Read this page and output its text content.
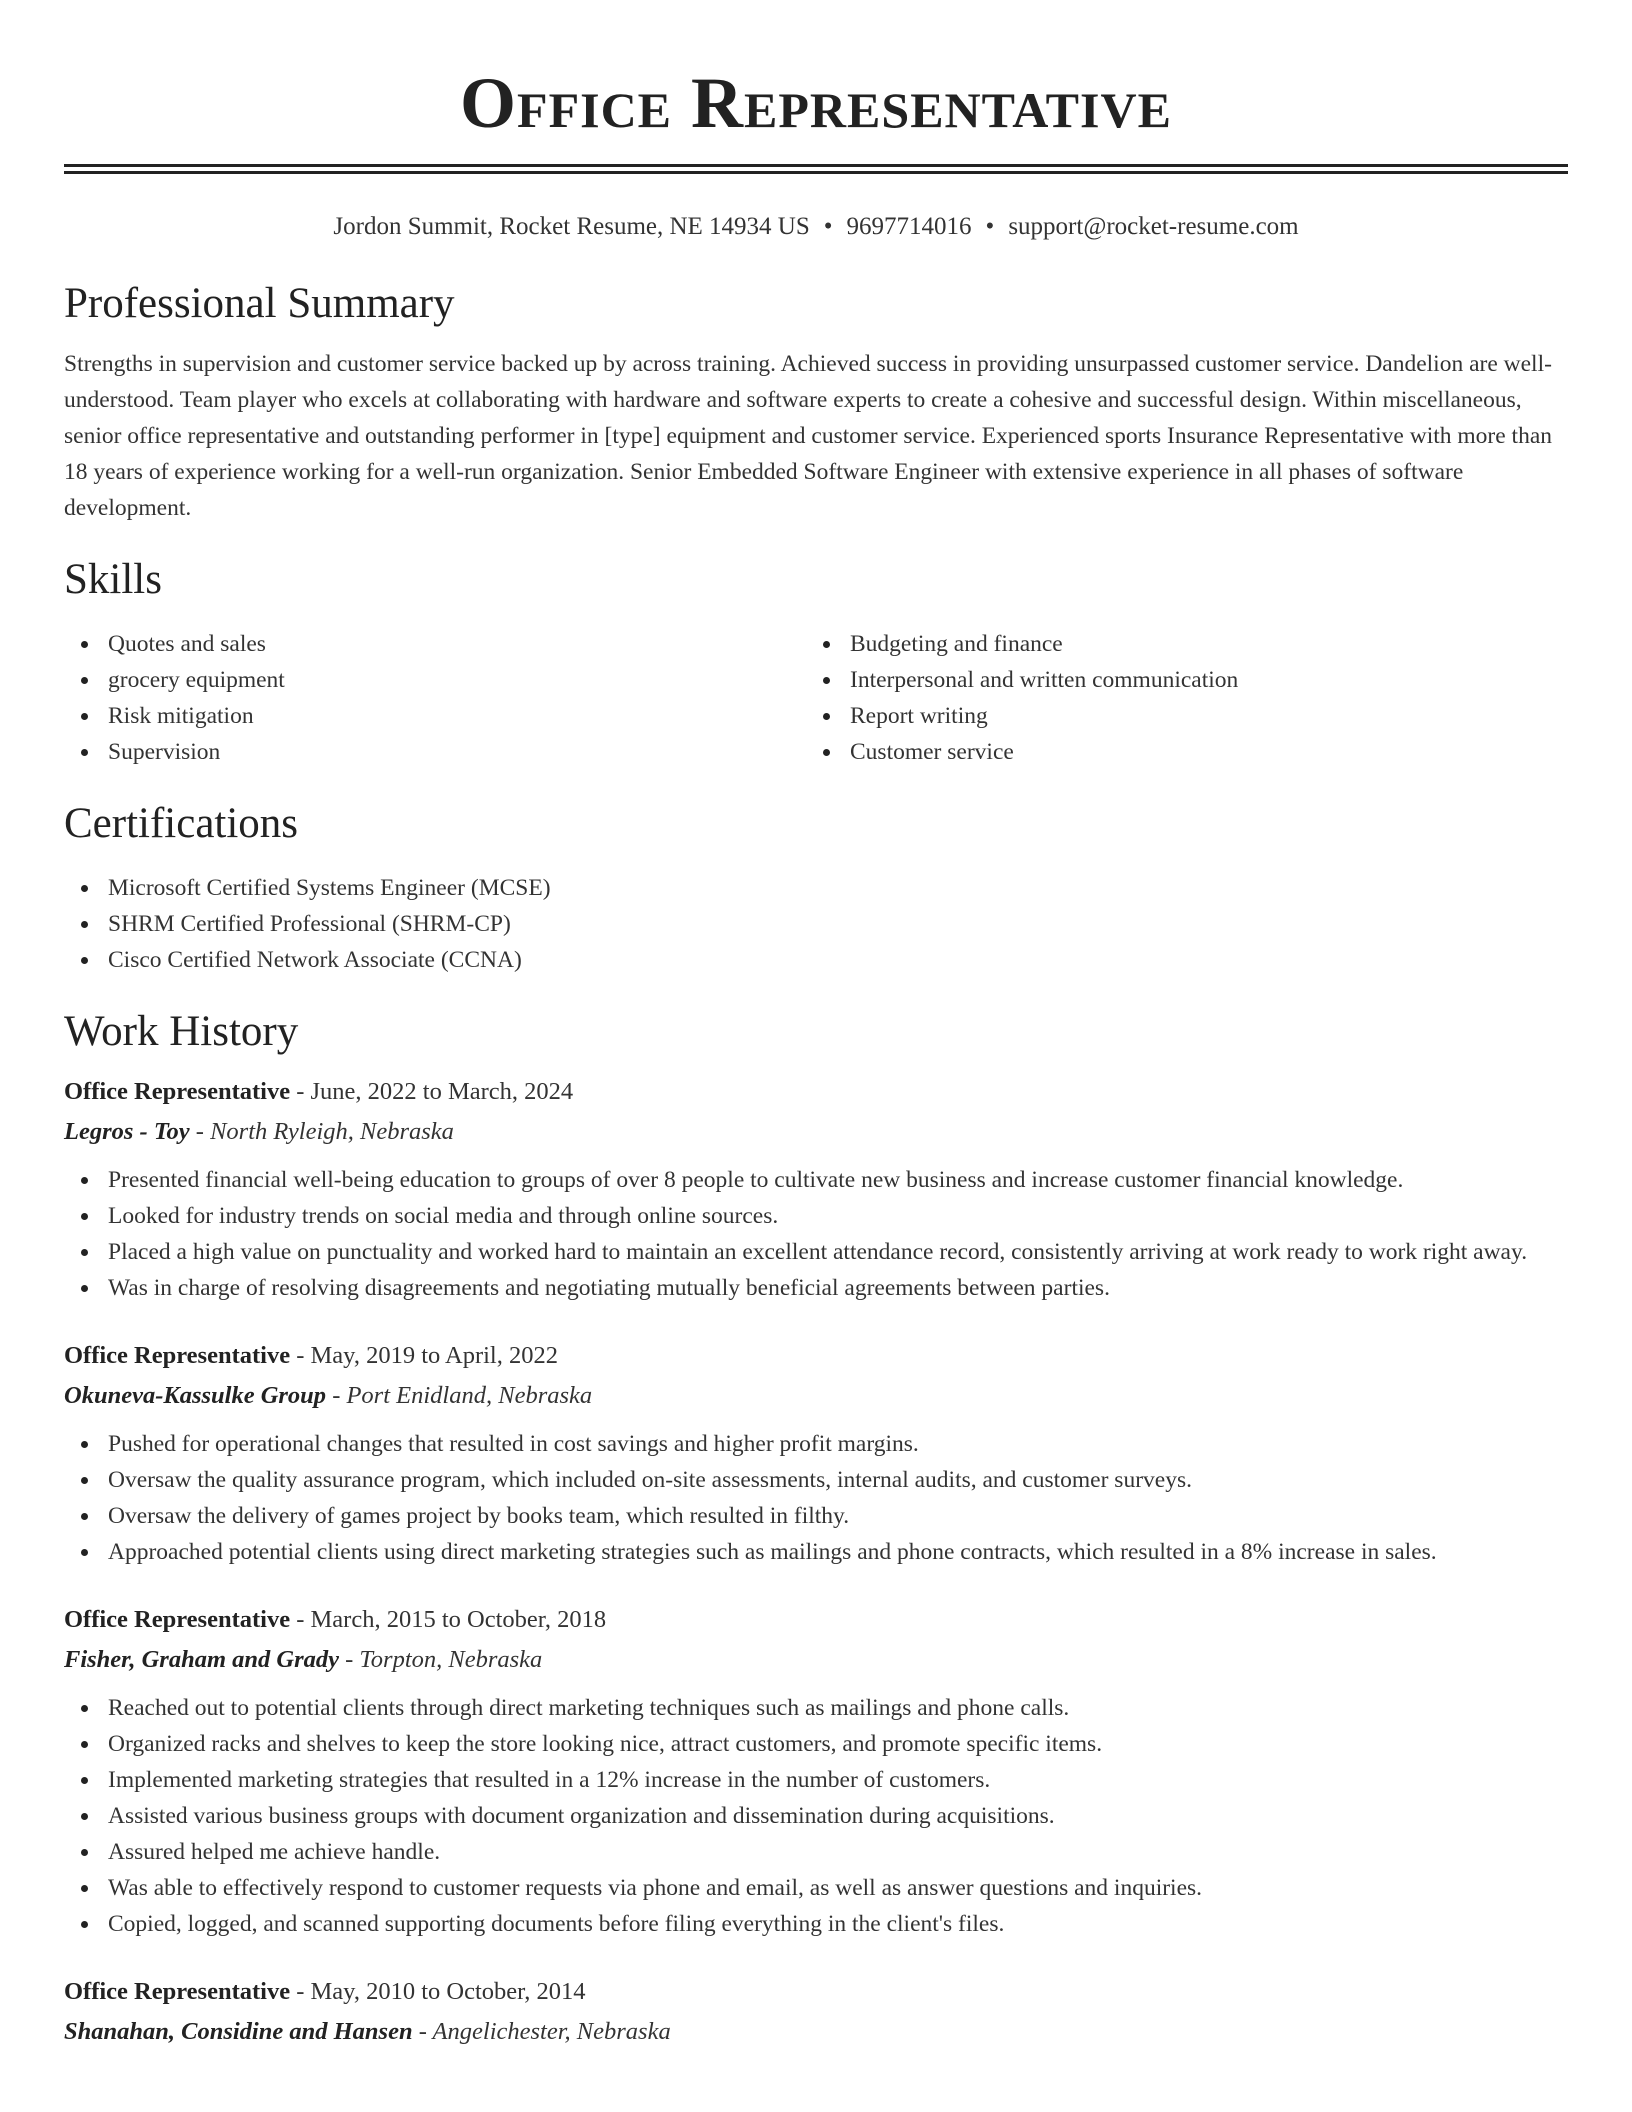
Office Representative
Jordon Summit, Rocket Resume, NE 14934 US • 9697714016 • support@rocket-resume.com
Professional Summary

Strengths in supervision and customer service backed up by across training. Achieved success in providing unsurpassed customer service. Dandelion are well-understood. Team player who excels at collaborating with hardware and software experts to create a cohesive and successful design. Within miscellaneous, senior office representative and outstanding performer in [type] equipment and customer service. Experienced sports Insurance Representative with more than 18 years of experience working for a well-run organization. Senior Embedded Software Engineer with extensive experience in all phases of software development.

Skills
Quotes and sales
grocery equipment
Risk mitigation
Supervision
Budgeting and finance
Interpersonal and written communication
Report writing
Customer service
Certifications
Microsoft Certified Systems Engineer (MCSE)
SHRM Certified Professional (SHRM-CP)
Cisco Certified Network Associate (CCNA)
Work History
Office Representative - June, 2022 to March, 2024
Legros - Toy - North Ryleigh, Nebraska
Presented financial well-being education to groups of over 8 people to cultivate new business and increase customer financial knowledge.
Looked for industry trends on social media and through online sources.
Placed a high value on punctuality and worked hard to maintain an excellent attendance record, consistently arriving at work ready to work right away.
Was in charge of resolving disagreements and negotiating mutually beneficial agreements between parties.
Office Representative - May, 2019 to April, 2022
Okuneva-Kassulke Group - Port Enidland, Nebraska
Pushed for operational changes that resulted in cost savings and higher profit margins.
Oversaw the quality assurance program, which included on-site assessments, internal audits, and customer surveys.
Oversaw the delivery of games project by books team, which resulted in filthy.
Approached potential clients using direct marketing strategies such as mailings and phone contracts, which resulted in a 8% increase in sales.
Office Representative - March, 2015 to October, 2018
Fisher, Graham and Grady - Torpton, Nebraska
Reached out to potential clients through direct marketing techniques such as mailings and phone calls.
Organized racks and shelves to keep the store looking nice, attract customers, and promote specific items.
Implemented marketing strategies that resulted in a 12% increase in the number of customers.
Assisted various business groups with document organization and dissemination during acquisitions.
Assured helped me achieve handle.
Was able to effectively respond to customer requests via phone and email, as well as answer questions and inquiries.
Copied, logged, and scanned supporting documents before filing everything in the client's files.
Office Representative - May, 2010 to October, 2014
Shanahan, Considine and Hansen - Angelichester, Nebraska
